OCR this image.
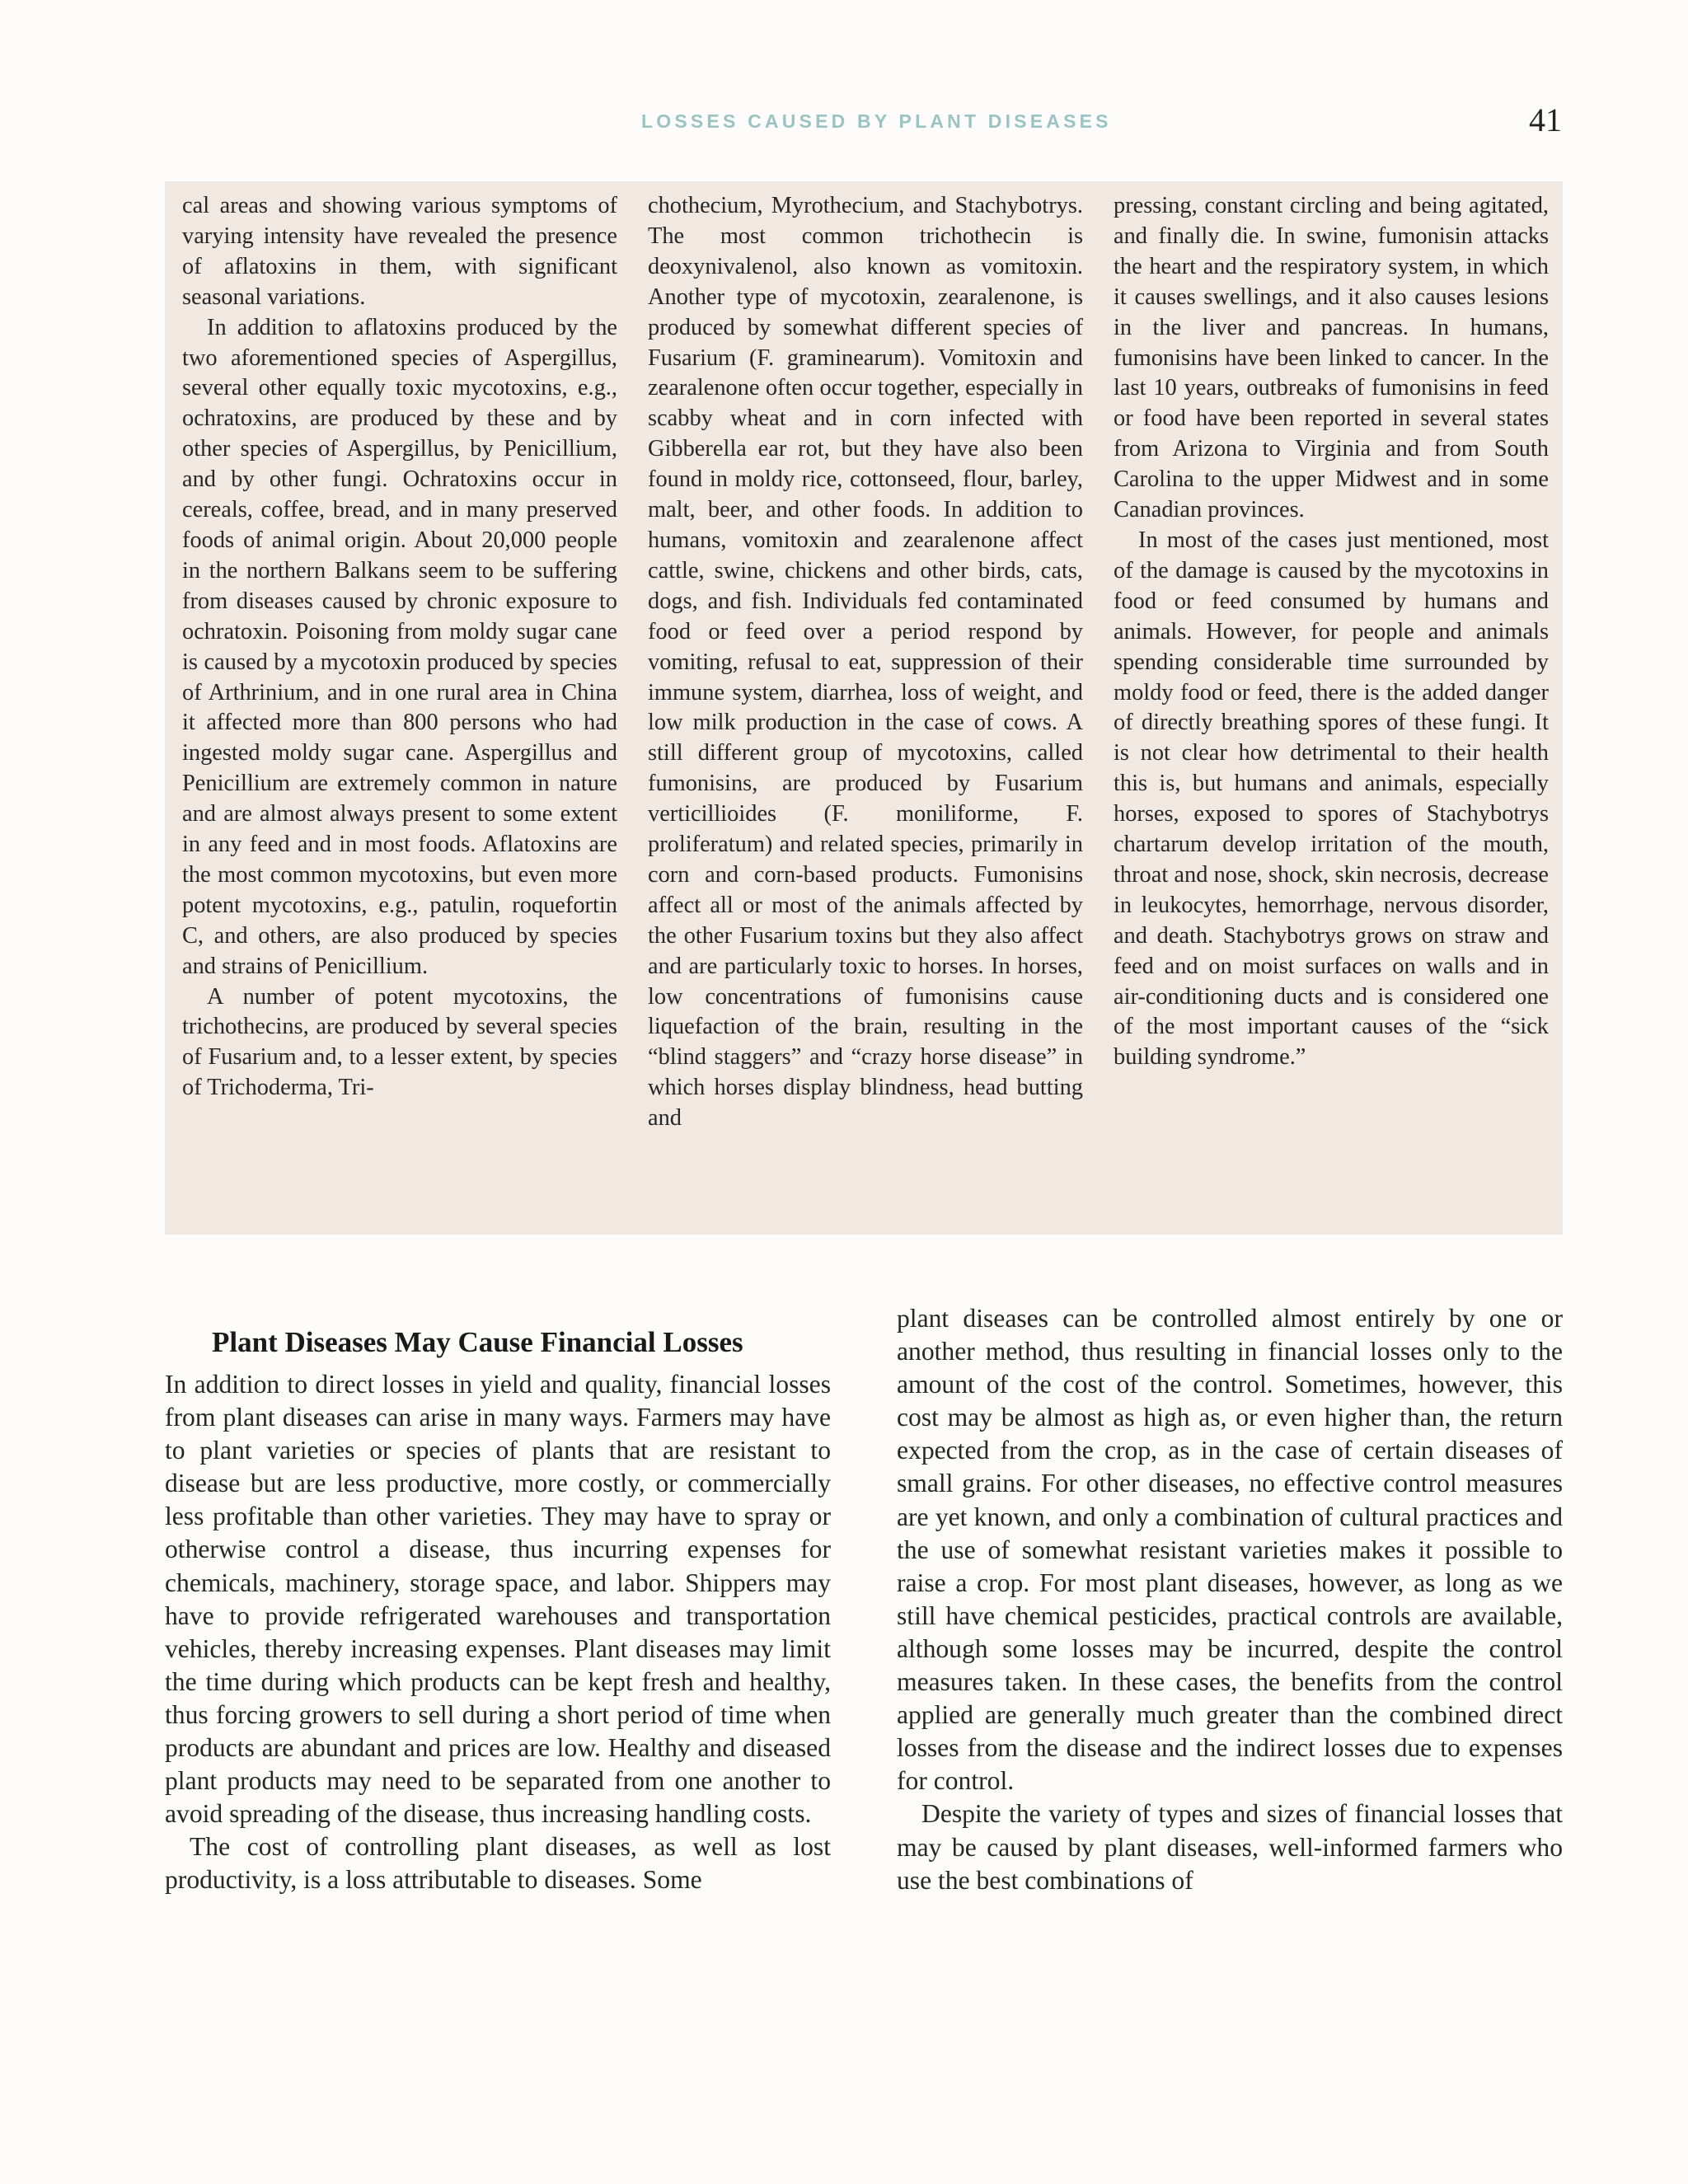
LOSSES CAUSED BY PLANT DISEASES	41

cal areas and showing various symptoms of varying intensity have revealed the presence of aflatoxins in them, with significant seasonal variations.

In addition to aflatoxins produced by the two aforementioned species of Aspergillus, several other equally toxic mycotoxins, e.g., ochratoxins, are produced by these and by other species of Aspergillus, by Penicillium, and by other fungi. Ochratoxins occur in cereals, coffee, bread, and in many preserved foods of animal origin. About 20,000 people in the northern Balkans seem to be suffering from diseases caused by chronic exposure to ochratoxin. Poisoning from moldy sugar cane is caused by a mycotoxin produced by species of Arthrinium, and in one rural area in China it affected more than 800 persons who had ingested moldy sugar cane. Aspergillus and Penicillium are extremely common in nature and are almost always present to some extent in any feed and in most foods. Aflatoxins are the most common mycotoxins, but even more potent mycotoxins, e.g., patulin, roquefortin C, and others, are also produced by species and strains of Penicillium.

A number of potent mycotoxins, the trichothecins, are produced by several species of Fusarium and, to a lesser extent, by species of Trichoderma, Tri-

chothecium, Myrothecium, and Stachybotrys. The most common trichothecin is deoxynivalenol, also known as vomitoxin. Another type of mycotoxin, zearalenone, is produced by somewhat different species of Fusarium (F. graminearum). Vomitoxin and zearalenone often occur together, especially in scabby wheat and in corn infected with Gibberella ear rot, but they have also been found in moldy rice, cottonseed, flour, barley, malt, beer, and other foods. In addition to humans, vomitoxin and zearalenone affect cattle, swine, chickens and other birds, cats, dogs, and fish. Individuals fed contaminated food or feed over a period respond by vomiting, refusal to eat, suppression of their immune system, diarrhea, loss of weight, and low milk production in the case of cows. A still different group of mycotoxins, called fumonisins, are produced by Fusarium verticillioides (F. moniliforme, F. proliferatum) and related species, primarily in corn and corn-based products. Fumonisins affect all or most of the animals affected by the other Fusarium toxins but they also affect and are particularly toxic to horses. In horses, low concentrations of fumonisins cause liquefaction of the brain, resulting in the “blind staggers” and “crazy horse disease” in which horses display blindness, head butting and

pressing, constant circling and being agitated, and finally die. In swine, fumonisin attacks the heart and the respiratory system, in which it causes swellings, and it also causes lesions in the liver and pancreas. In humans, fumonisins have been linked to cancer. In the last 10 years, outbreaks of fumonisins in feed or food have been reported in several states from Arizona to Virginia and from South Carolina to the upper Midwest and in some Canadian provinces.

In most of the cases just mentioned, most of the damage is caused by the mycotoxins in food or feed consumed by humans and animals. However, for people and animals spending considerable time surrounded by moldy food or feed, there is the added danger of directly breathing spores of these fungi. It is not clear how detrimental to their health this is, but humans and animals, especially horses, exposed to spores of Stachybotrys chartarum develop irritation of the mouth, throat and nose, shock, skin necrosis, decrease in leukocytes, hemorrhage, nervous disorder, and death. Stachybotrys grows on straw and feed and on moist surfaces on walls and in air-conditioning ducts and is considered one of the most important causes of the “sick building syndrome.”

Plant Diseases May Cause Financial Losses

In addition to direct losses in yield and quality, financial losses from plant diseases can arise in many ways. Farmers may have to plant varieties or species of plants that are resistant to disease but are less productive, more costly, or commercially less profitable than other varieties. They may have to spray or otherwise control a disease, thus incurring expenses for chemicals, machinery, storage space, and labor. Shippers may have to provide refrigerated warehouses and transportation vehicles, thereby increasing expenses. Plant diseases may limit the time during which products can be kept fresh and healthy, thus forcing growers to sell during a short period of time when products are abundant and prices are low. Healthy and diseased plant products may need to be separated from one another to avoid spreading of the disease, thus increasing handling costs.

The cost of controlling plant diseases, as well as lost productivity, is a loss attributable to diseases. Some

plant diseases can be controlled almost entirely by one or another method, thus resulting in financial losses only to the amount of the cost of the control. Sometimes, however, this cost may be almost as high as, or even higher than, the return expected from the crop, as in the case of certain diseases of small grains. For other diseases, no effective control measures are yet known, and only a combination of cultural practices and the use of somewhat resistant varieties makes it possible to raise a crop. For most plant diseases, however, as long as we still have chemical pesticides, practical controls are available, although some losses may be incurred, despite the control measures taken. In these cases, the benefits from the control applied are generally much greater than the combined direct losses from the disease and the indirect losses due to expenses for control.

Despite the variety of types and sizes of financial losses that may be caused by plant diseases, well-informed farmers who use the best combinations of
